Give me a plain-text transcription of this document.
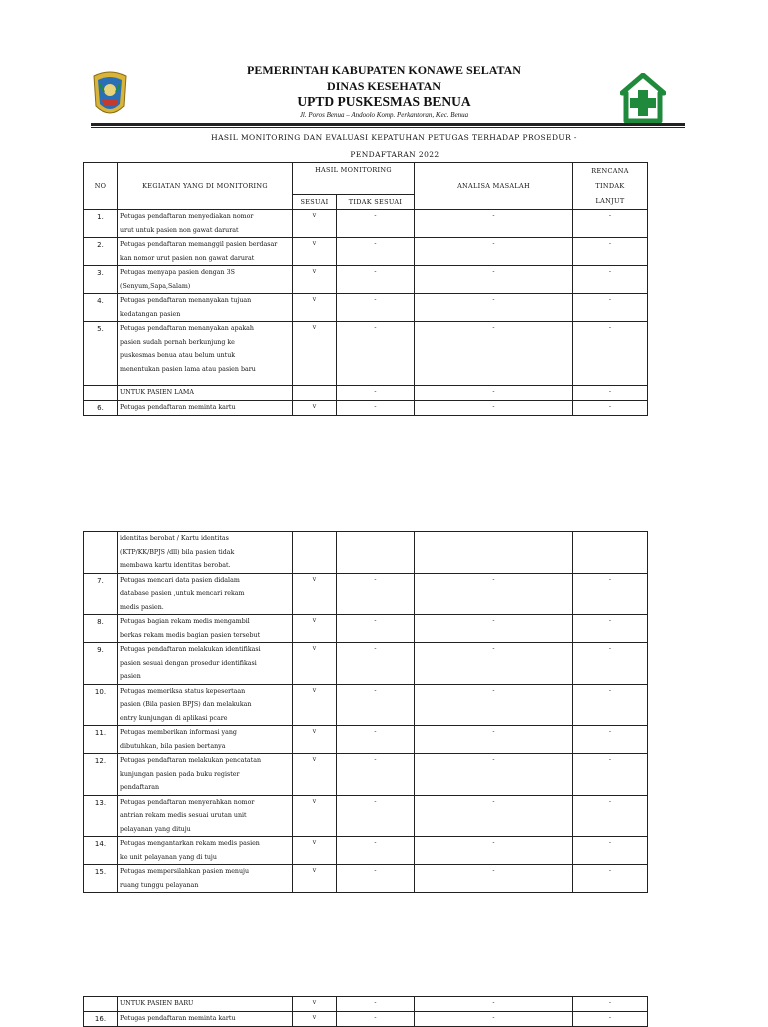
PEMERINTAH KABUPATEN KONAWE SELATAN
DINAS KESEHATAN
UPTD PUSKESMAS BENUA
Jl. Poros Benua – Andoolo Komp. Perkantoran, Kec. Benua
HASIL MONITORING DAN EVALUASI KEPATUHAN PETUGAS TERHADAP PROSEDUR -
PENDAFTARAN 2022
NO	KEGIATAN YANG DI MONITORING	HASIL MONITORING		ANALISA MASALAH	RENCANA
TINDAK
LANJUT

		SESUAI	TIDAK SESUAI		
1.	Petugas pendaftaran menyediakan nomor
urut untuk pasien non gawat darurat	v	-	-	-
2.	Petugas pendaftaran memanggil pasien berdasar
kan nomor urut pasien non gawat darurat	v	-	-	-
3.	Petugas menyapa pasien dengan 3S
(Senyum,Sapa,Salam)	v	-	-	-
4.	Petugas pendaftaran menanyakan tujuan
kedatangan pasien	v	-	-	-
5.	Petugas pendaftaran menanyakan apakah
pasien sudah pernah berkunjung ke
puskesmas benua atau belum untuk
menentukan pasien lama atau pasien baru	v	-	-	-

	UNTUK PASIEN LAMA		-	-	-
6.	Petugas pendaftaran meminta kartu	v	-	-	-

	identitas berobat / Kartu identitas
(KTP/KK/BPJS /dll) bila pasien tidak
membawa kartu identitas berobat.				

7.	Petugas mencari data pasien didalam
database pasien ,untuk mencari rekam
medis pasien.	v	-	-	-
8.	Petugas bagian rekam medis mengambil
berkas rekam medis bagian pasien tersebut	v	-	-	-
9.	Petugas pendaftaran melakukan identifikasi
pasien sesuai dengan prosedur identifikasi
pasien	v	-	-	-
10.	Petugas memeriksa status kepesertaan
pasien (Bila pasien BPJS) dan melakukan
entry kunjungan di aplikasi pcare	v	-	-	-
11.	Petugas memberikan informasi yang
dibutuhkan, bila pasien bertanya	v	-	-	-
12.	Petugas pendaftaran melakukan pencatatan
kunjungan pasien pada buku register
pendaftaran	v	-	-	-
13.	Petugas pendaftaran menyerahkan nomor
antrian rekam medis sesuai urutan unit
pelayanan yang dituju	v	-	-	-
14.	Petugas mengantarkan rekam medis pasien
ke unit pelayanan yang di tuju	v	-	-	-
15.	Petugas mempersilahkan pasien menuju
ruang tunggu pelayanan	v	-	-	-

	UNTUK PASIEN BARU	v	-	-	-
16.	Petugas pendaftaran meminta kartu	v	-	-	-
